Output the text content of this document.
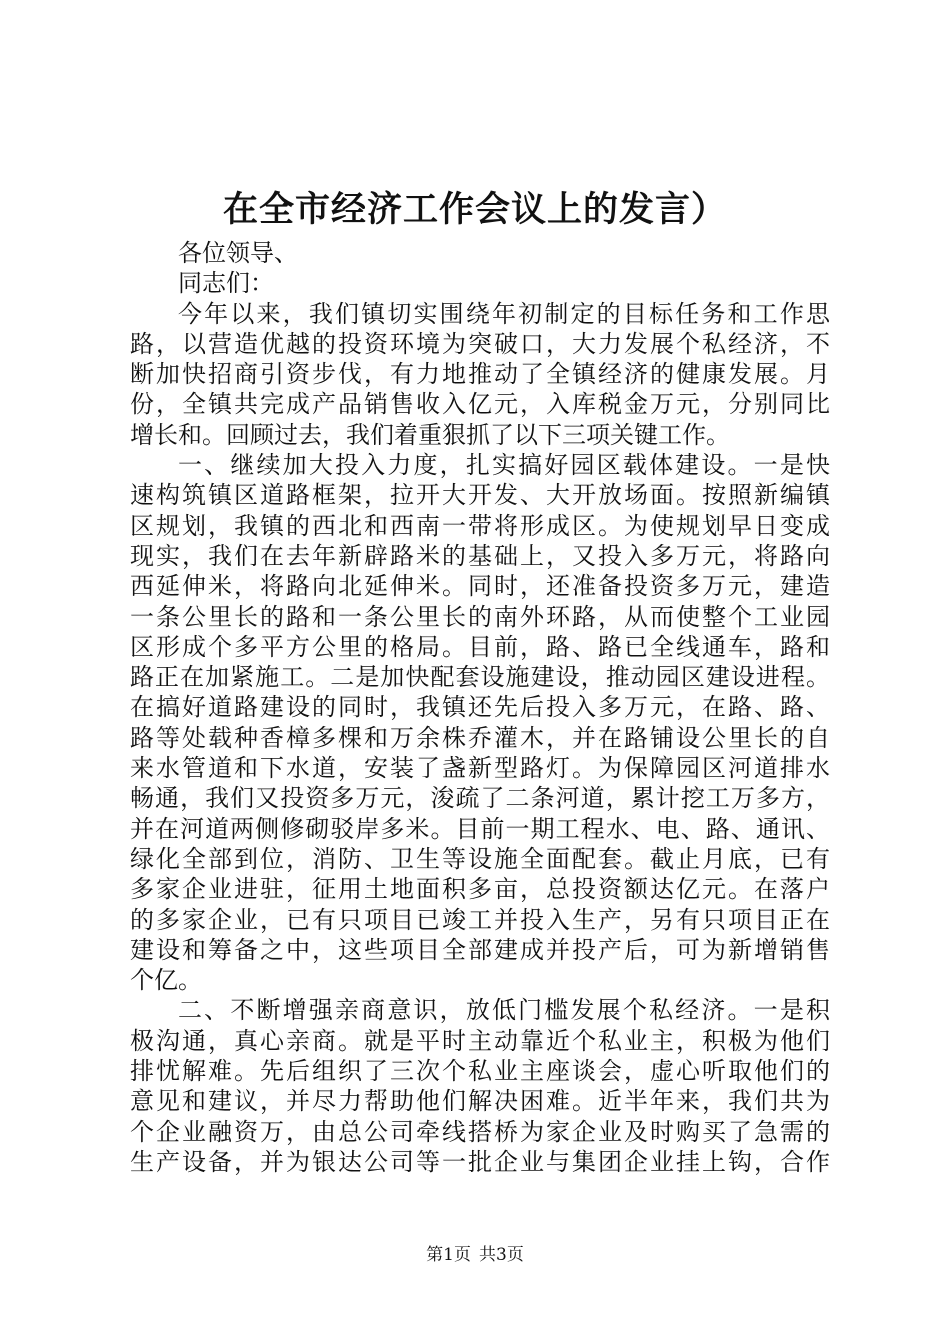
在全市经济工作会议上的发言）
各位领导、
同志们：
今年以来，我们镇切实围绕年初制定的目标任务和工作思
路，以营造优越的投资环境为突破口，大力发展个私经济，不
断加快招商引资步伐，有力地推动了全镇经济的健康发展。月
份，全镇共完成产品销售收入亿元，入库税金万元，分别同比
增长和。回顾过去，我们着重狠抓了以下三项关键工作。
一、继续加大投入力度，扎实搞好园区载体建设。一是快
速构筑镇区道路框架，拉开大开发、大开放场面。按照新编镇
区规划，我镇的西北和西南一带将形成区。为使规划早日变成
现实，我们在去年新辟路米的基础上，又投入多万元，将路向
西延伸米，将路向北延伸米。同时，还准备投资多万元，建造
一条公里长的路和一条公里长的南外环路，从而使整个工业园
区形成个多平方公里的格局。目前，路、路已全线通车，路和
路正在加紧施工。二是加快配套设施建设，推动园区建设进程。
在搞好道路建设的同时，我镇还先后投入多万元，在路、路、
路等处载种香樟多棵和万余株乔灌木，并在路铺设公里长的自
来水管道和下水道，安装了盏新型路灯。为保障园区河道排水
畅通，我们又投资多万元，浚疏了二条河道，累计挖工万多方，
并在河道两侧修砌驳岸多米。目前一期工程水、电、路、通讯、
绿化全部到位，消防、卫生等设施全面配套。截止月底，已有
多家企业进驻，征用土地面积多亩，总投资额达亿元。在落户
的多家企业，已有只项目已竣工并投入生产，另有只项目正在
建设和筹备之中，这些项目全部建成并投产后，可为新增销售
个亿。
二、不断增强亲商意识，放低门槛发展个私经济。一是积
极沟通，真心亲商。就是平时主动靠近个私业主，积极为他们
排忧解难。先后组织了三次个私业主座谈会，虚心听取他们的
意见和建议，并尽力帮助他们解决困难。近半年来，我们共为
个企业融资万，由总公司牵线搭桥为家企业及时购买了急需的
生产设备，并为银达公司等一批企业与集团企业挂上钩，合作
第1页 共3页
